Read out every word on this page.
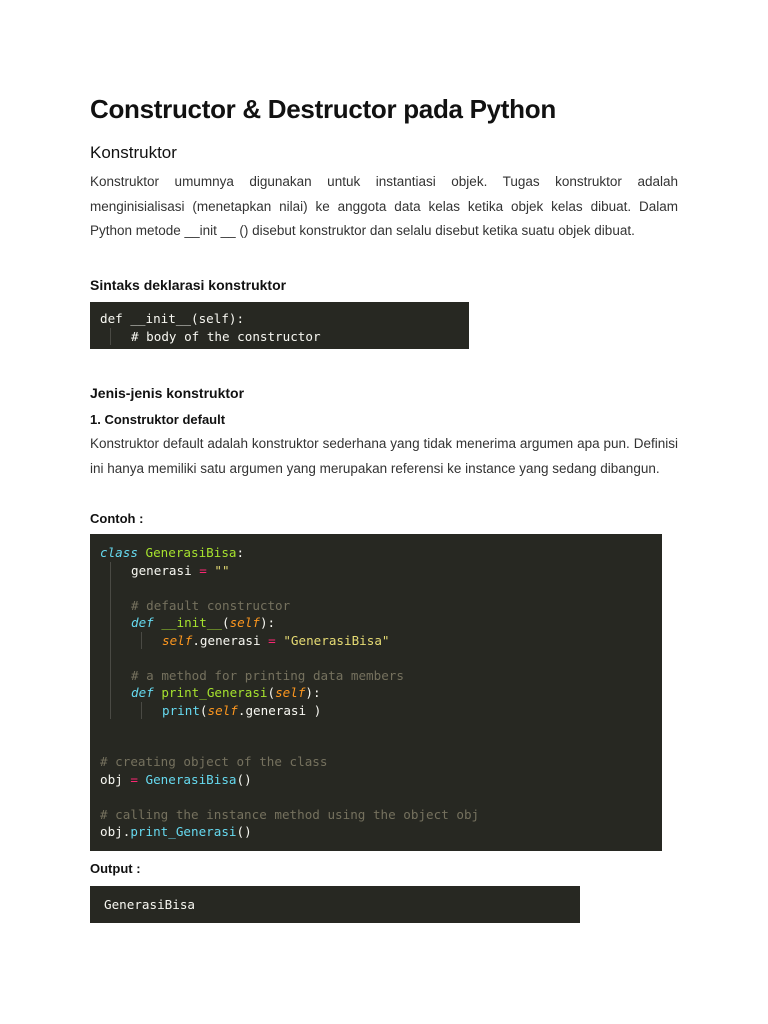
Constructor & Destructor pada Python
Konstruktor
Konstruktor umumnya digunakan untuk instantiasi objek. Tugas konstruktor adalah menginisialisasi (menetapkan nilai) ke anggota data kelas ketika objek kelas dibuat. Dalam Python metode __init __ () disebut konstruktor dan selalu disebut ketika suatu objek dibuat.
Sintaks deklarasi konstruktor
def __init__(self):
# body of the constructor
Jenis-jenis konstruktor
1. Construktor default
Konstruktor default adalah konstruktor sederhana yang tidak menerima argumen apa pun. Definisi ini hanya memiliki satu argumen yang merupakan referensi ke instance yang sedang dibangun.
Contoh :
class GenerasiBisa:
generasi = ""
# default constructor
def __init__(self):
self.generasi = "GenerasiBisa"
# a method for printing data members
def print_Generasi(self):
print(self.generasi )
# creating object of the class
obj = GenerasiBisa()
# calling the instance method using the object obj
obj.print_Generasi()
Output :
GenerasiBisa
